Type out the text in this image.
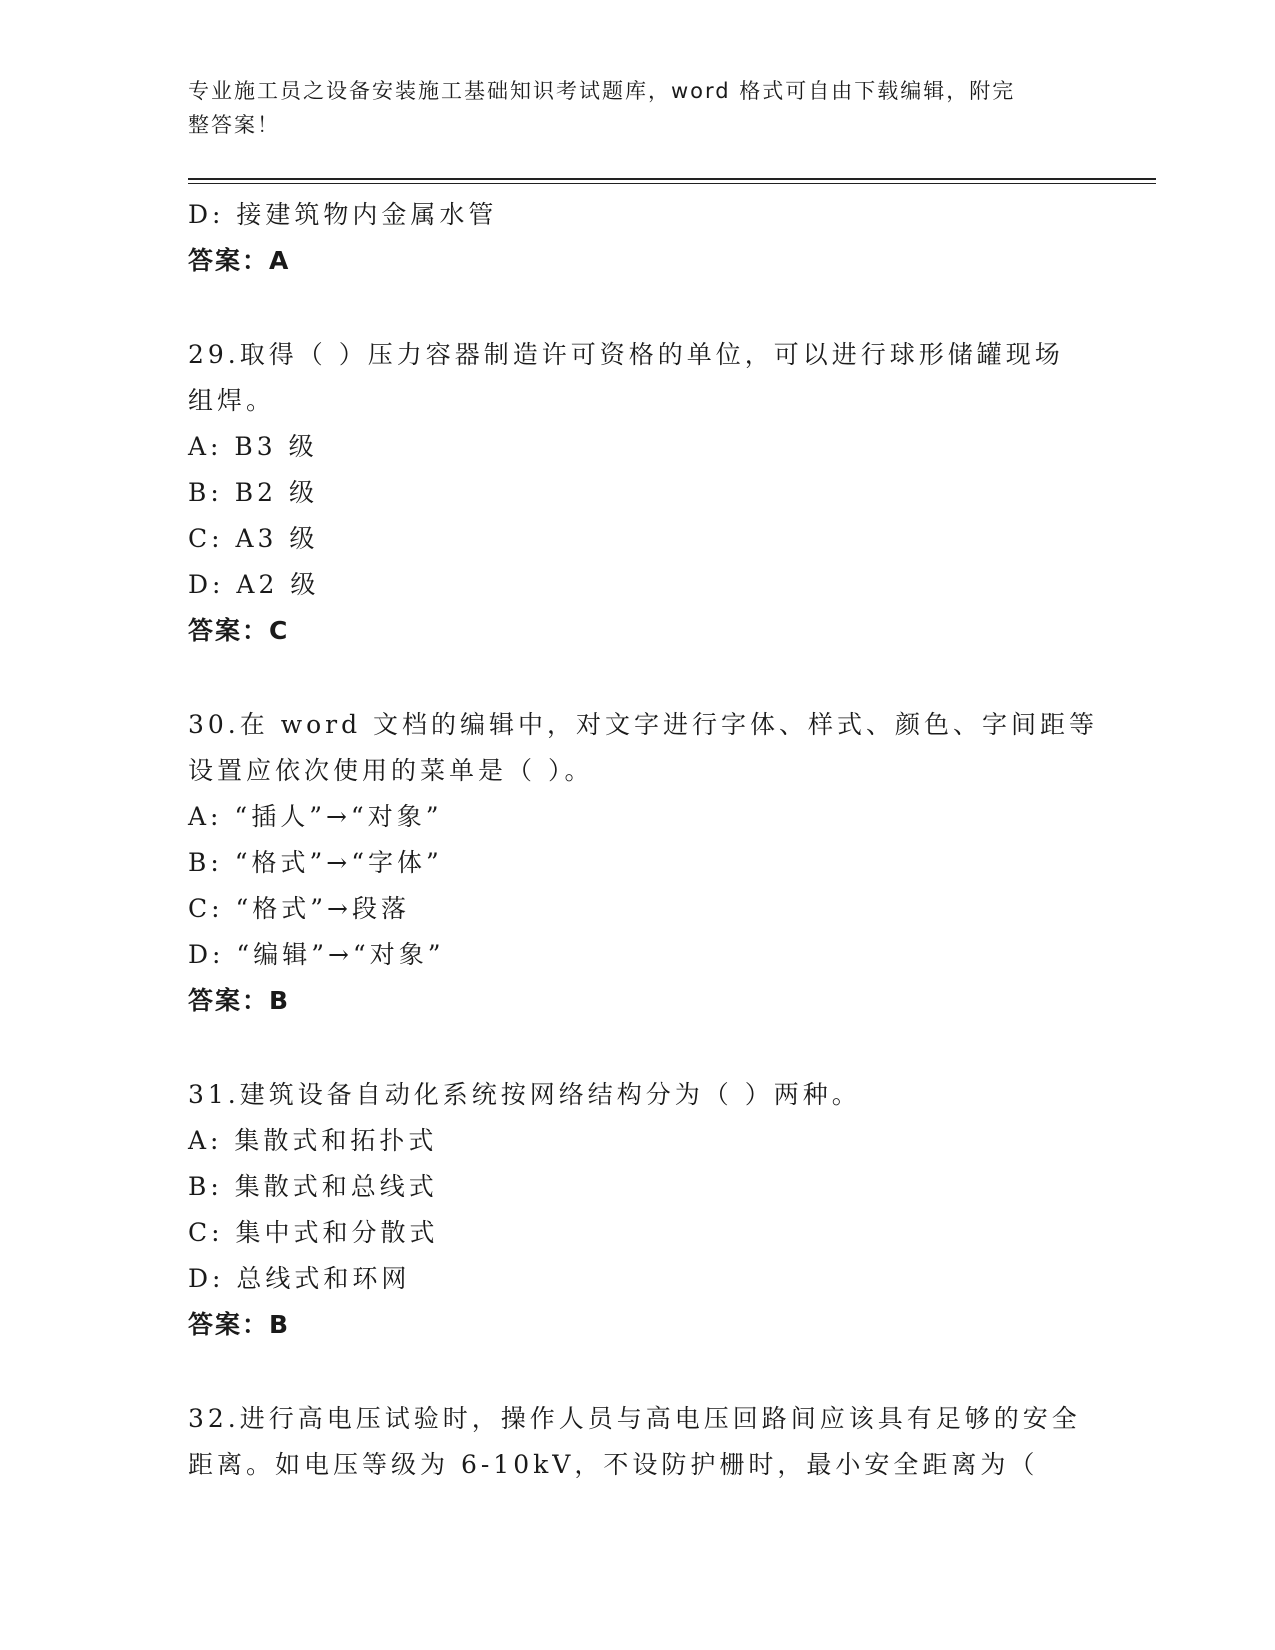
专业施工员之设备安装施工基础知识考试题库，word 格式可自由下载编辑，附完
整答案！
D: 接建筑物内金属水管
答案：A
29.取得（ ）压力容器制造许可资格的单位，可以进行球形储罐现场
组焊。
A: B3 级
B: B2 级
C: A3 级
D: A2 级
答案：C
30.在 word 文档的编辑中，对文字进行字体、样式、颜色、字间距等
设置应依次使用的菜单是（ ）。
A: “插人”→“对象”
B: “格式”→“字体”
C: “格式”→段落
D: “编辑”→“对象”
答案：B
31.建筑设备自动化系统按网络结构分为（ ）两种。
A: 集散式和拓扑式
B: 集散式和总线式
C: 集中式和分散式
D: 总线式和环网
答案：B
32.进行高电压试验时，操作人员与高电压回路间应该具有足够的安全
距离。如电压等级为 6-10kV，不设防护栅时，最小安全距离为（
